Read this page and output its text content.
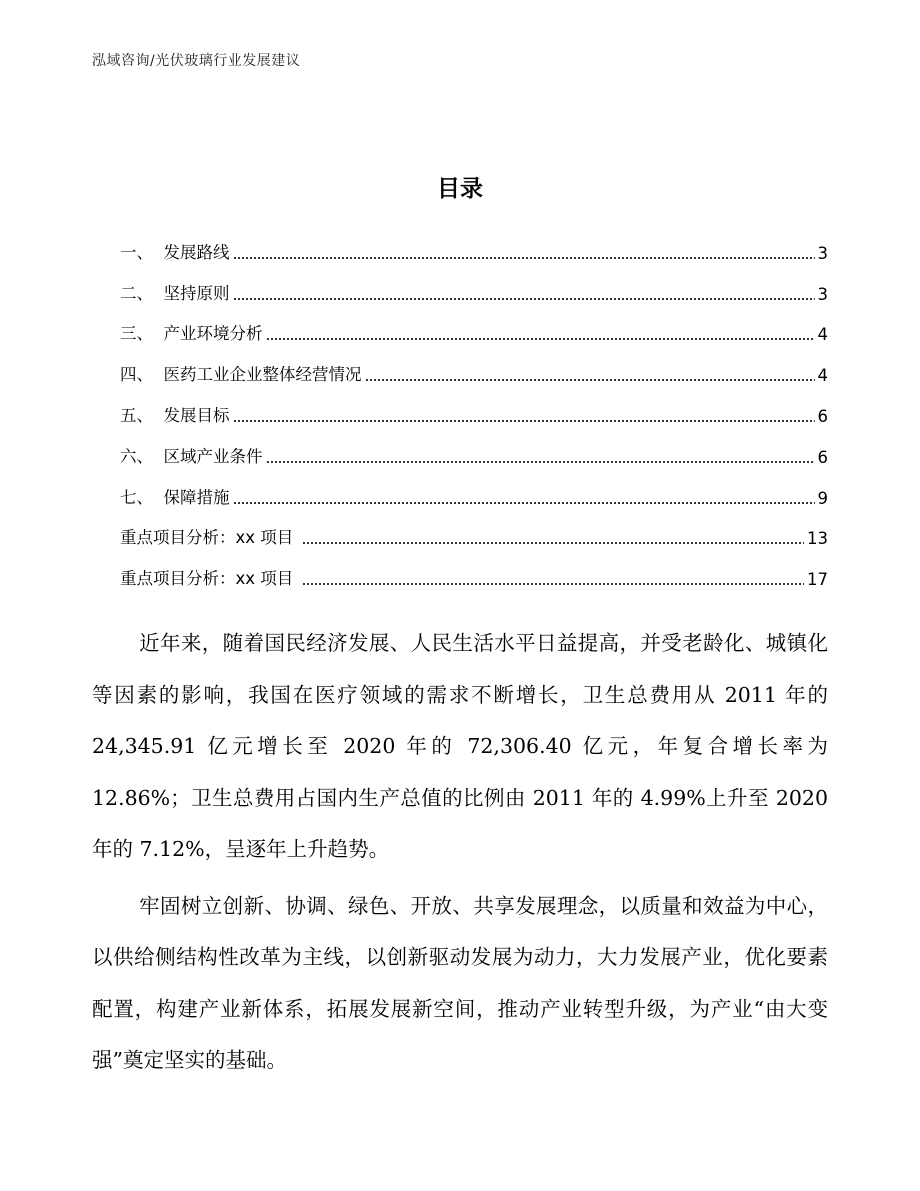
泓域咨询/光伏玻璃行业发展建议
目录
一、  发展路线	3
二、  坚持原则	3
三、  产业环境分析	4
四、  医药工业企业整体经营情况	4
五、  发展目标	6
六、  区域产业条件	6
七、  保障措施	9
重点项目分析：xx 项目	13
重点项目分析：xx 项目	17

近年来，随着国民经济发展、人民生活水平日益提高，并受老龄化、城镇化等因素的影响，我国在医疗领域的需求不断增长，卫生总费用从 2011 年的 24,345.91 亿元增长至 2020 年的 72,306.40 亿元，年复合增长率为 12.86%；卫生总费用占国内生产总值的比例由 2011 年的 4.99%上升至 2020 年的 7.12%，呈逐年上升趋势。

牢固树立创新、协调、绿色、开放、共享发展理念，以质量和效益为中心，以供给侧结构性改革为主线，以创新驱动发展为动力，大力发展产业，优化要素配置，构建产业新体系，拓展发展新空间，推动产业转型升级，为产业“由大变强”奠定坚实的基础。
